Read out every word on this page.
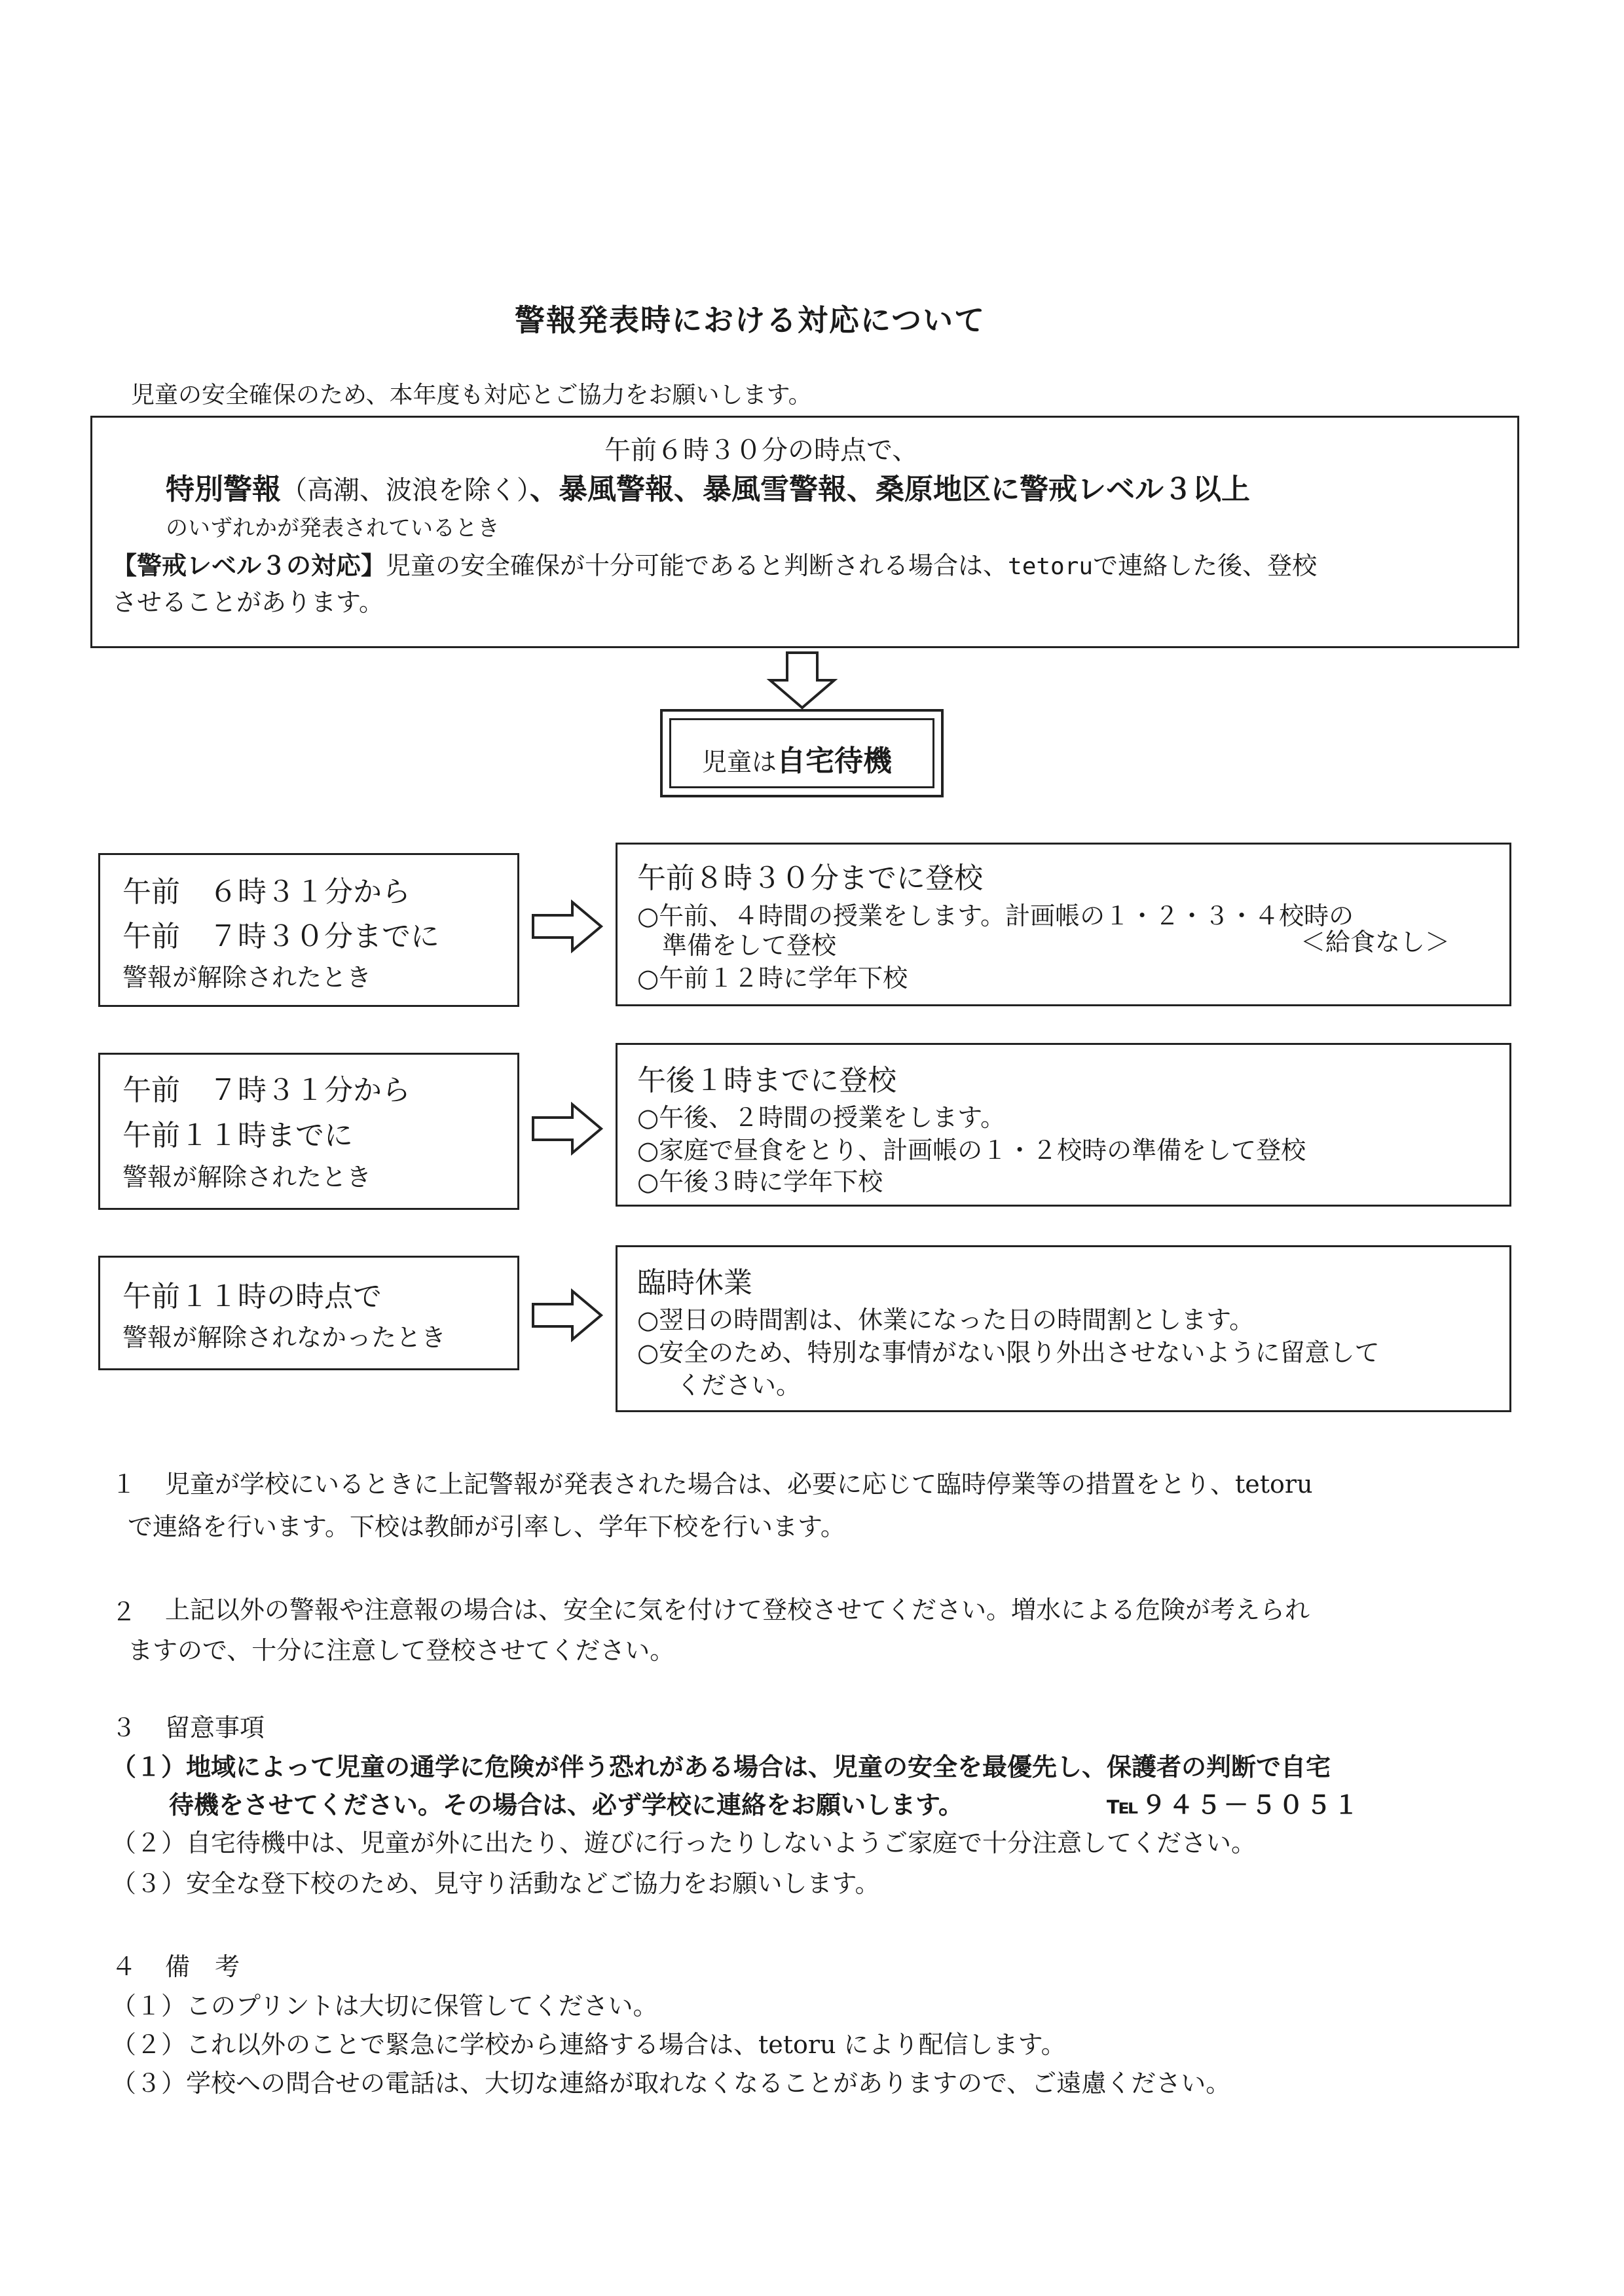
警報発表時における対応について
児童の安全確保のため、本年度も対応とご協力をお願いします。
午前６時３０分の時点で、
特別警報（高潮、波浪を除く）、暴風警報、暴風雪警報、桑原地区に警戒レベル３以上
のいずれかが発表されているとき
【警戒レベル３の対応】児童の安全確保が十分可能であると判断される場合は、tetoruで連絡した後、登校
させることがあります。
児童は自宅待機
午前　６時３１分から
午前　７時３０分までに
警報が解除されたとき
午前８時３０分までに登校
○午前、４時間の授業をします。計画帳の１・２・３・４校時の
準備をして登校	＜給食なし＞
○午前１２時に学年下校
午前　７時３１分から
午前１１時までに
警報が解除されたとき
午後１時までに登校
○午後、２時間の授業をします。
○家庭で昼食をとり、計画帳の１・２校時の準備をして登校
○午後３時に学年下校
午前１１時の時点で
警報が解除されなかったとき
臨時休業
○翌日の時間割は、休業になった日の時間割とします。
○安全のため、特別な事情がない限り外出させないように留意して
ください。
１ 児童が学校にいるときに上記警報が発表された場合は、必要に応じて臨時停業等の措置をとり、tetoru
で連絡を行います。下校は教師が引率し、学年下校を行います。
２ 上記以外の警報や注意報の場合は、安全に気を付けて登校させてください。増水による危険が考えられ
ますので、十分に注意して登校させてください。
３ 留意事項
（１）地域によって児童の通学に危険が伴う恐れがある場合は、児童の安全を最優先し、保護者の判断で自宅
待機をさせてください。その場合は、必ず学校に連絡をお願いします。	℡９４５－５０５１
（２）自宅待機中は、児童が外に出たり、遊びに行ったりしないようご家庭で十分注意してください。
（３）安全な登下校のため、見守り活動などご協力をお願いします。
４ 備　考
（１）このプリントは大切に保管してください。
（２）これ以外のことで緊急に学校から連絡する場合は、tetoru により配信します。
（３）学校への問合せの電話は、大切な連絡が取れなくなることがありますので、ご遠慮ください。
